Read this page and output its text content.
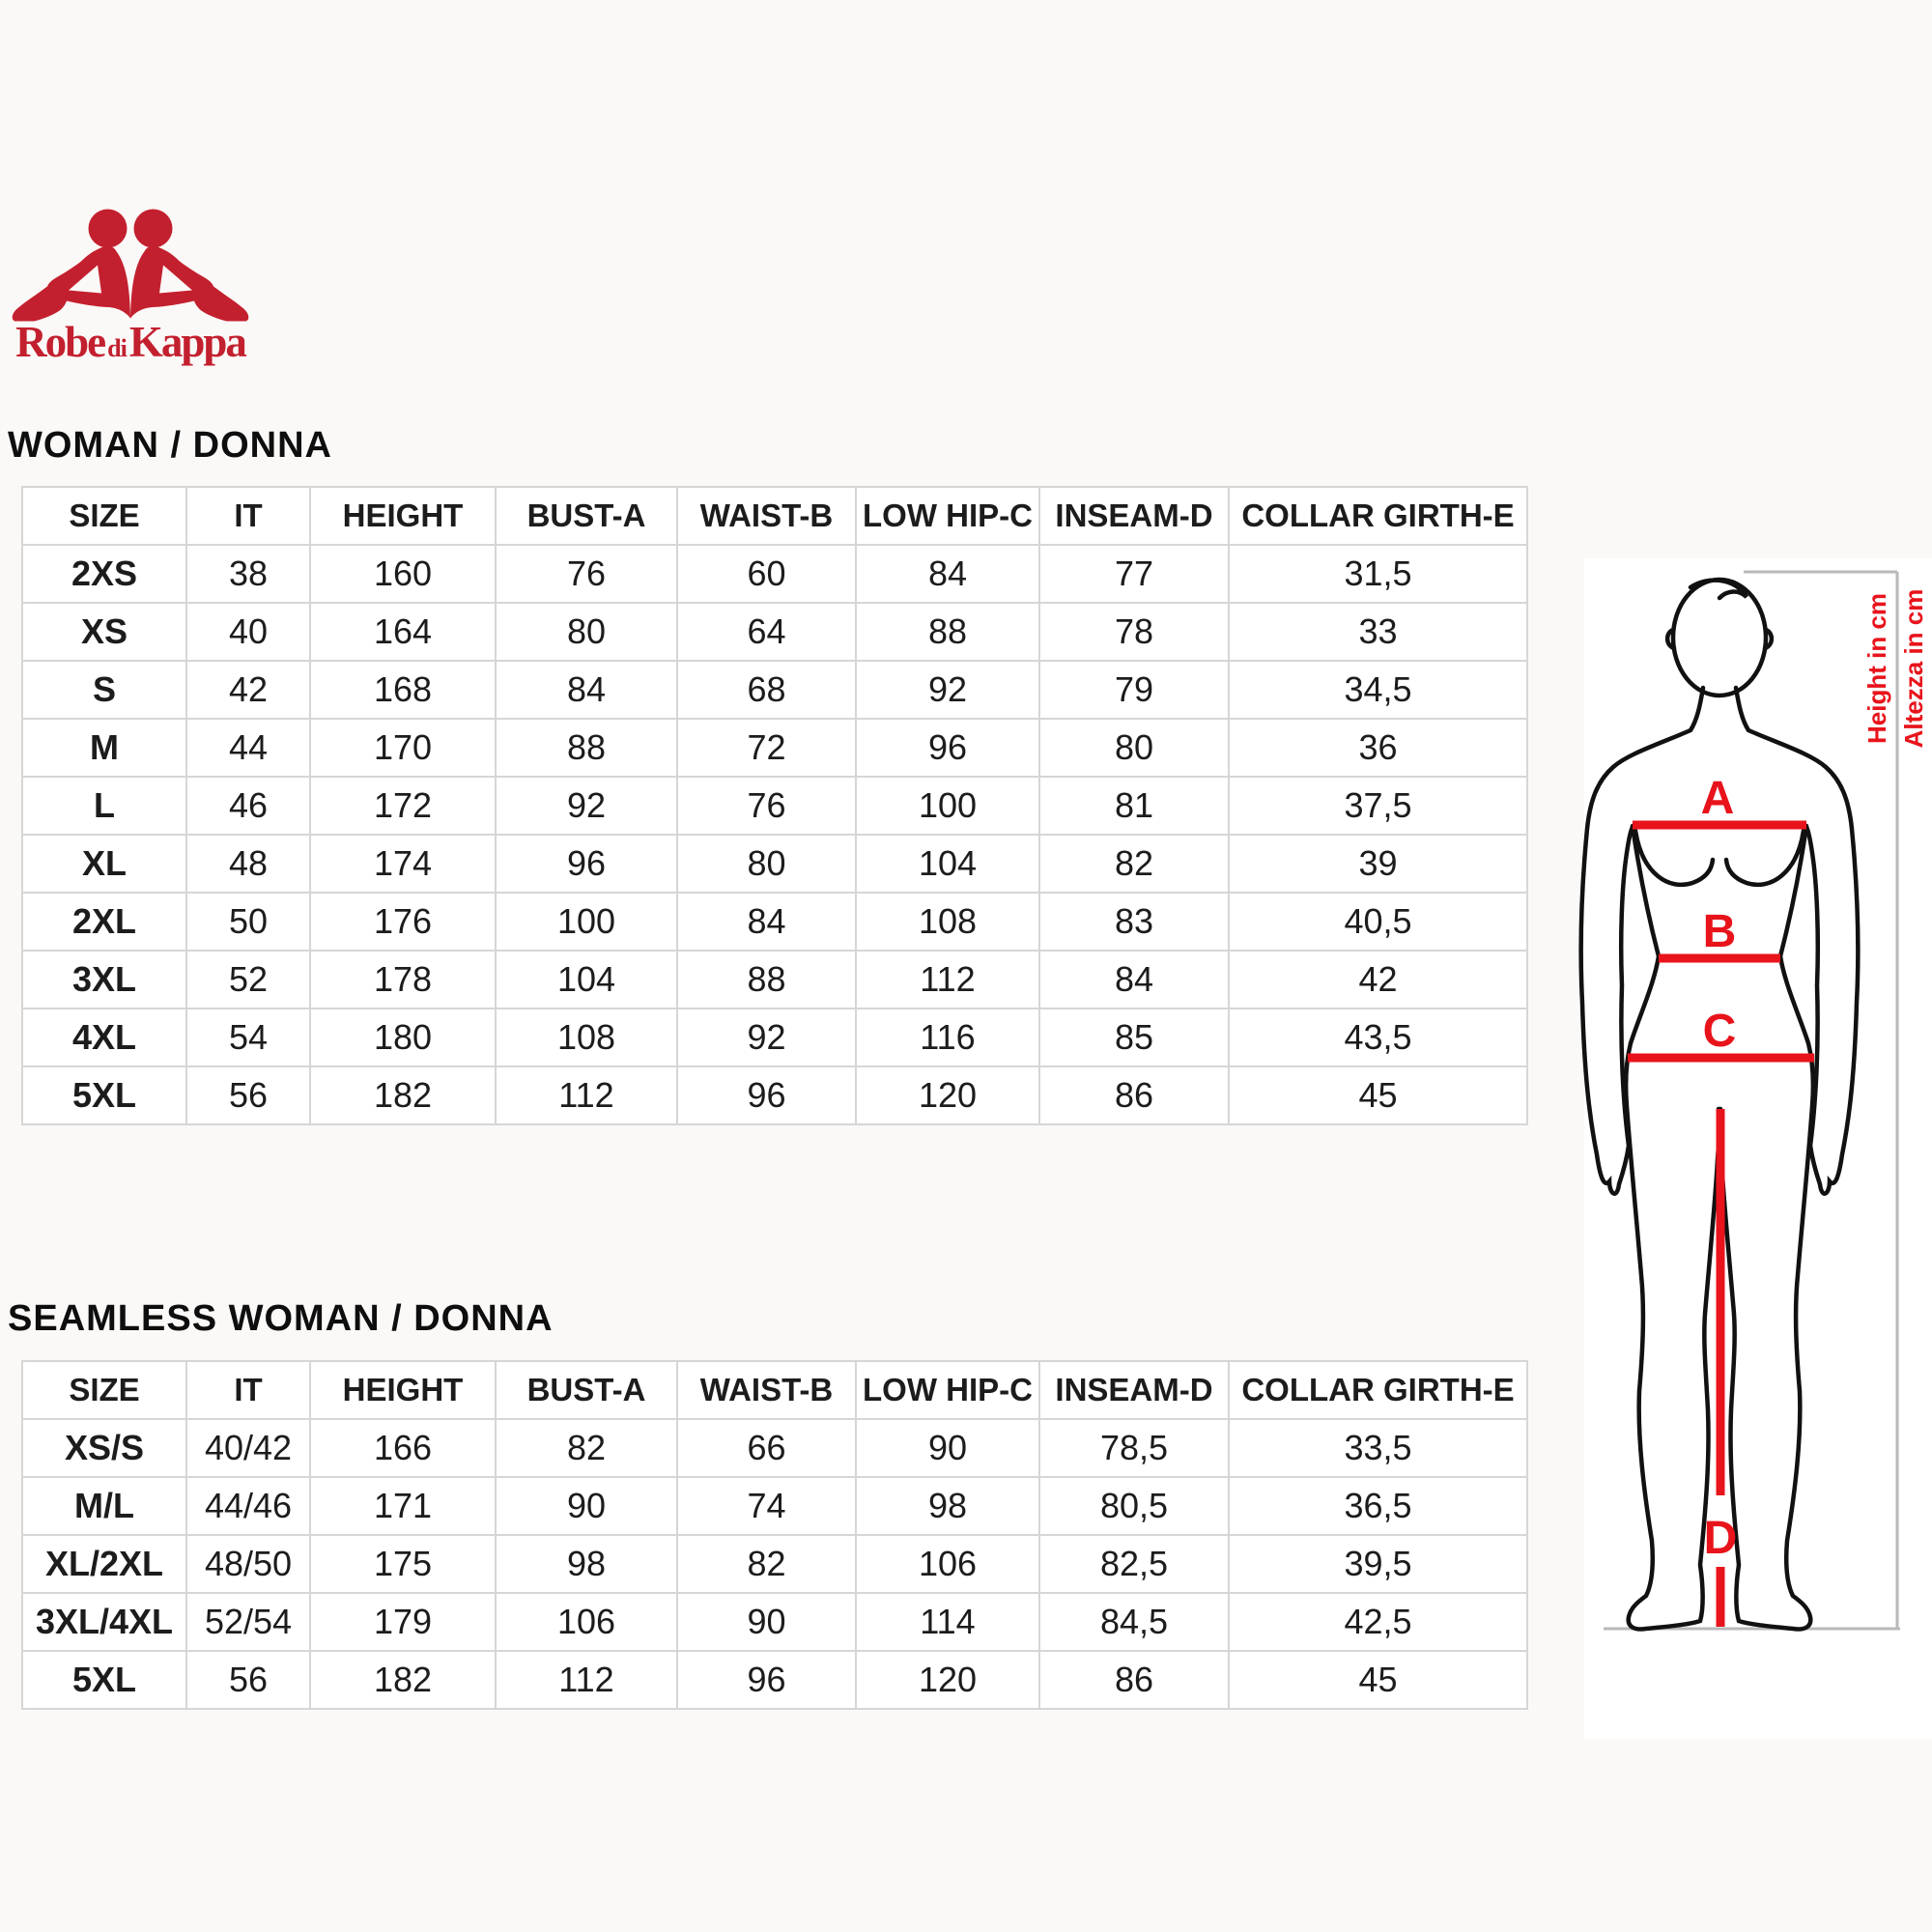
Robe diKappa
WOMAN / DONNA
SEAMLESS WOMAN / DONNA
SIZE	IT	HEIGHT	BUST-A	WAIST-B	LOW HIP-C	INSEAM-D	COLLAR GIRTH-E
2XS	38	160	76	60	84	77	31,5
XS	40	164	80	64	88	78	33
S	42	168	84	68	92	79	34,5
M	44	170	88	72	96	80	36
L	46	172	92	76	100	81	37,5
XL	48	174	96	80	104	82	39
2XL	50	176	100	84	108	83	40,5
3XL	52	178	104	88	112	84	42
4XL	54	180	108	92	116	85	43,5
5XL	56	182	112	96	120	86	45
SIZE	IT	HEIGHT	BUST-A	WAIST-B	LOW HIP-C	INSEAM-D	COLLAR GIRTH-E
XS/S	40/42	166	82	66	90	78,5	33,5
M/L	44/46	171	90	74	98	80,5	36,5
XL/2XL	48/50	175	98	82	106	82,5	39,5
3XL/4XL	52/54	179	106	90	114	84,5	42,5
5XL	56	182	112	96	120	86	45
A
B
C
D
Height in cm Altezza in cm
